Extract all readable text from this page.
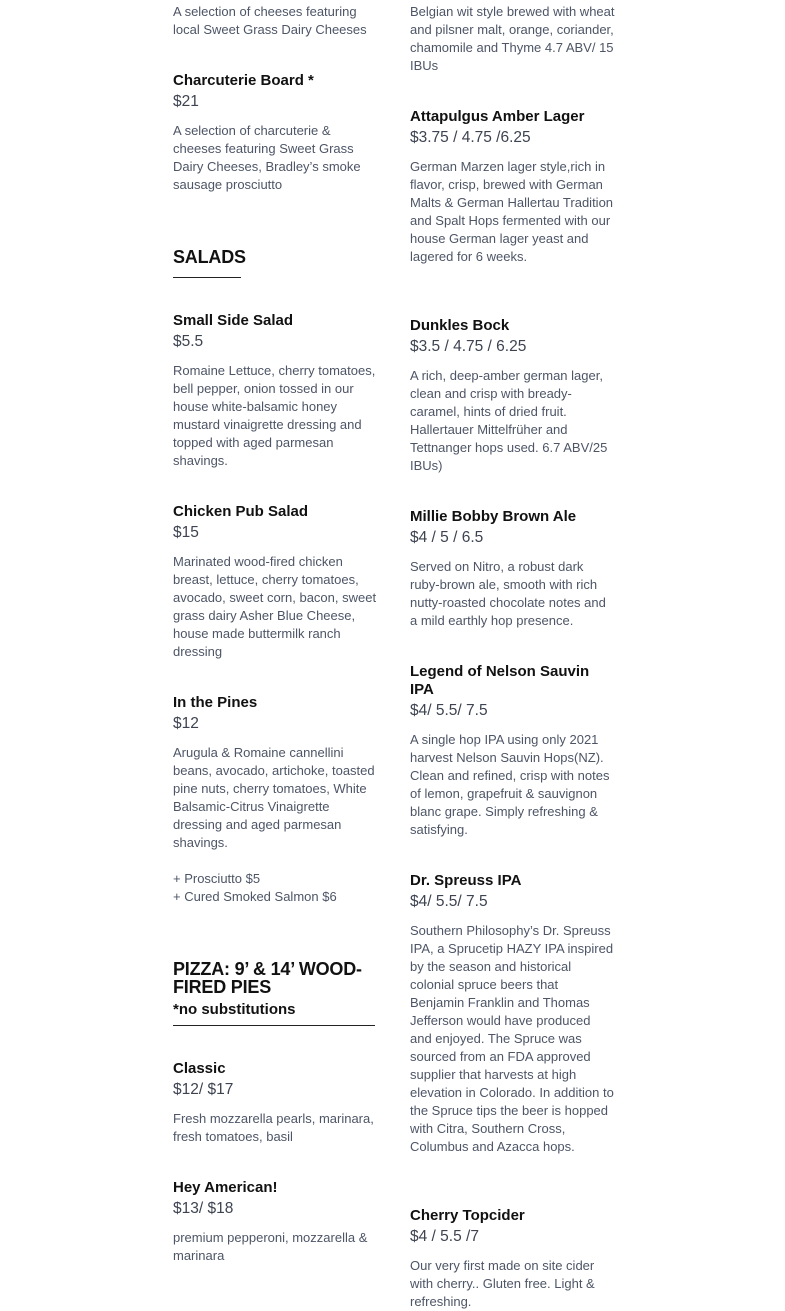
A selection of cheeses featuring local Sweet Grass Dairy Cheeses

Charcuterie Board *
$21

A selection of charcuterie & cheeses featuring Sweet Grass Dairy Cheeses, Bradley’s smoke sausage prosciutto

SALADS
Small Side Salad
$5.5

Romaine Lettuce, cherry tomatoes, bell pepper, onion tossed in our house white-balsamic honey mustard vinaigrette dressing and topped with aged parmesan shavings.

Chicken Pub Salad
$15

Marinated wood-fired chicken breast, lettuce, cherry tomatoes, avocado, sweet corn, bacon, sweet grass dairy Asher Blue Cheese, house made buttermilk ranch dressing

In the Pines
$12

Arugula & Romaine cannellini beans, avocado, artichoke, toasted pine nuts, cherry tomatoes, White Balsamic-Citrus Vinaigrette dressing and aged parmesan shavings.

+ Prosciutto $5
+ Cured Smoked Salmon $6

PIZZA: 9’ & 14’ WOOD-FIRED PIES
*no substitutions
Classic
$12/ $17

Fresh mozzarella pearls, marinara, fresh tomatoes, basil

Hey American!
$13/ $18

premium pepperoni, mozzarella & marinara

Belgian wit style brewed with wheat and pilsner malt, orange, coriander, chamomile and Thyme 4.7 ABV/ 15 IBUs

Attapulgus Amber Lager
$3.75 / 4.75 /6.25

German Marzen lager style,rich in flavor, crisp, brewed with German Malts & German Hallertau Tradition and Spalt Hops fermented with our house German lager yeast and lagered for 6 weeks.

Dunkles Bock
$3.5 / 4.75 / 6.25

A rich, deep-amber german lager, clean and crisp with bready-caramel, hints of dried fruit. Hallertauer Mittelfrüher and Tettnanger hops used. 6.7 ABV/25 IBUs)

Millie Bobby Brown Ale
$4 / 5 / 6.5

Served on Nitro, a robust dark ruby-brown ale, smooth with rich nutty-roasted chocolate notes and a mild earthly hop presence.

Legend of Nelson Sauvin IPA
$4/ 5.5/ 7.5

A single hop IPA using only 2021 harvest Nelson Sauvin Hops(NZ). Clean and refined, crisp with notes of lemon, grapefruit & sauvignon blanc grape. Simply refreshing & satisfying.

Dr. Spreuss IPA
$4/ 5.5/ 7.5

Southern Philosophy’s Dr. Spreuss IPA, a Sprucetip HAZY IPA inspired by the season and historical colonial spruce beers that Benjamin Franklin and Thomas Jefferson would have produced and enjoyed. The Spruce was sourced from an FDA approved supplier that harvests at high elevation in Colorado. In addition to the Spruce tips the beer is hopped with Citra, Southern Cross, Columbus and Azacca hops.

Cherry Topcider
$4 / 5.5 /7

Our very first made on site cider with cherry.. Gluten free. Light & refreshing.
